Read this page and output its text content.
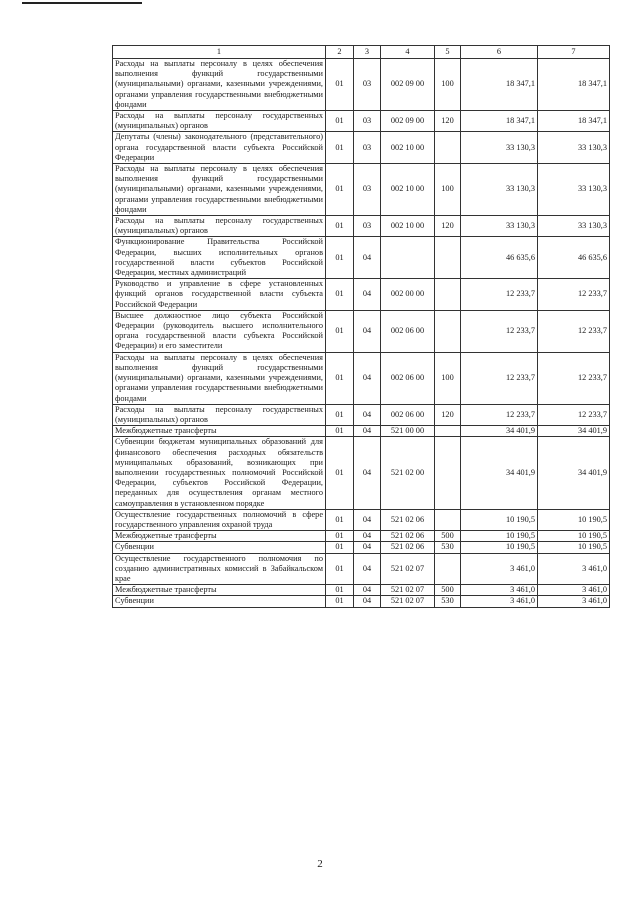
1	2	3	4	5	6	7
Расходы на выплаты персоналу в целях обеспечения выполнения функций государственными (муниципальными) органами, казенными учреждениями, органами управления государственными внебюджетными фондами	01	03	002 09 00	100	18 347,1	18 347,1
Расходы на выплаты персоналу государственных (муниципальных) органов	01	03	002 09 00	120	18 347,1	18 347,1
Депутаты (члены) законодательного (представительного) органа государственной власти субъекта Российской Федерации	01	03	002 10 00		33 130,3	33 130,3
Расходы на выплаты персоналу в целях обеспечения выполнения функций государственными (муниципальными) органами, казенными учреждениями, органами управления государственными внебюджетными фондами	01	03	002 10 00	100	33 130,3	33 130,3
Расходы на выплаты персоналу государственных (муниципальных) органов	01	03	002 10 00	120	33 130,3	33 130,3
Функционирование Правительства Российской Федерации, высших исполнительных органов государственной власти субъектов Российской Федерации, местных администраций	01	04			46 635,6	46 635,6
Руководство и управление в сфере установленных функций органов государственной власти субъекта Российской Федерации	01	04	002 00 00		12 233,7	12 233,7
Высшее должностное лицо субъекта Российской Федерации (руководитель высшего исполнительного органа государственной власти субъекта Российской Федерации) и его заместители	01	04	002 06 00		12 233,7	12 233,7
Расходы на выплаты персоналу в целях обеспечения выполнения функций государственными (муниципальными) органами, казенными учреждениями, органами управления государственными внебюджетными фондами	01	04	002 06 00	100	12 233,7	12 233,7
Расходы на выплаты персоналу государственных (муниципальных) органов	01	04	002 06 00	120	12 233,7	12 233,7
Межбюджетные трансферты	01	04	521 00 00		34 401,9	34 401,9
Субвенции бюджетам муниципальных образований для финансового обеспечения расходных обязательств муниципальных образований, возникающих при выполнении государственных полномочий Российской Федерации, субъектов Российской Федерации, переданных для осуществления органам местного самоуправления в установленном порядке	01	04	521 02 00		34 401,9	34 401,9
Осуществление государственных полномочий в сфере государственного управления охраной труда	01	04	521 02 06		10 190,5	10 190,5
Межбюджетные трансферты	01	04	521 02 06	500	10 190,5	10 190,5
Субвенции	01	04	521 02 06	530	10 190,5	10 190,5
Осуществление государственного полномочия по созданию административных комиссий в Забайкальском крае	01	04	521 02 07		3 461,0	3 461,0
Межбюджетные трансферты	01	04	521 02 07	500	3 461,0	3 461,0
Субвенции	01	04	521 02 07	530	3 461,0	3 461,0
2
